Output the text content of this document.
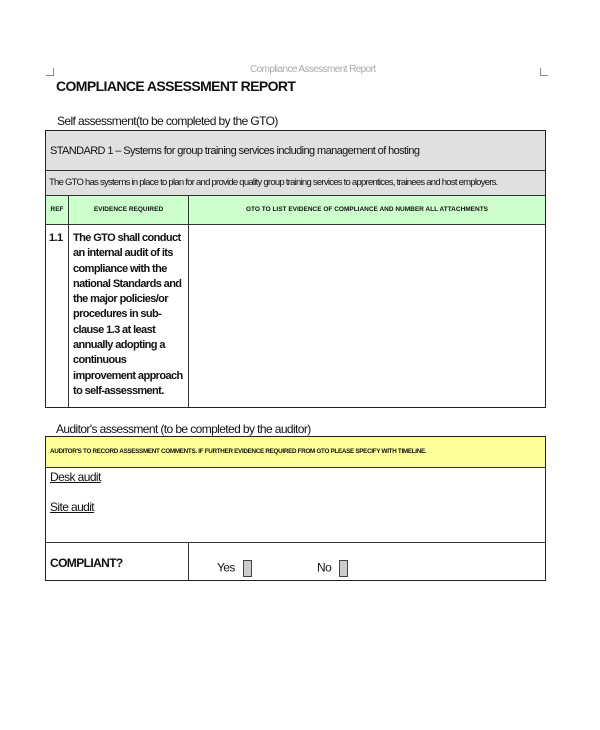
Compliance Assessment Report
COMPLIANCE ASSESSMENT REPORT
Self assessment(to be completed by the GTO)
STANDARD 1 – Systems for group training services including management of hosting
The GTO has systems in place to plan for and provide quality group training services to apprentices, trainees and host employers.
REF	EVIDENCE REQUIRED	GTO TO LIST EVIDENCE OF COMPLIANCE AND NUMBER ALL ATTACHMENTS
1.1 The GTO shall conduct an internal audit of its compliance with the national Standards and the major policies/or procedures in sub-clause 1.3 at least annually adopting a continuous improvement approach to self-assessment.
Auditor's assessment (to be completed by the auditor)
AUDITOR'S TO RECORD ASSESSMENT COMMENTS. IF FURTHER EVIDENCE REQUIRED FROM GTO PLEASE SPECIFY WITH TIMELINE.
Desk audit
Site audit
COMPLIANT?	Yes	No
